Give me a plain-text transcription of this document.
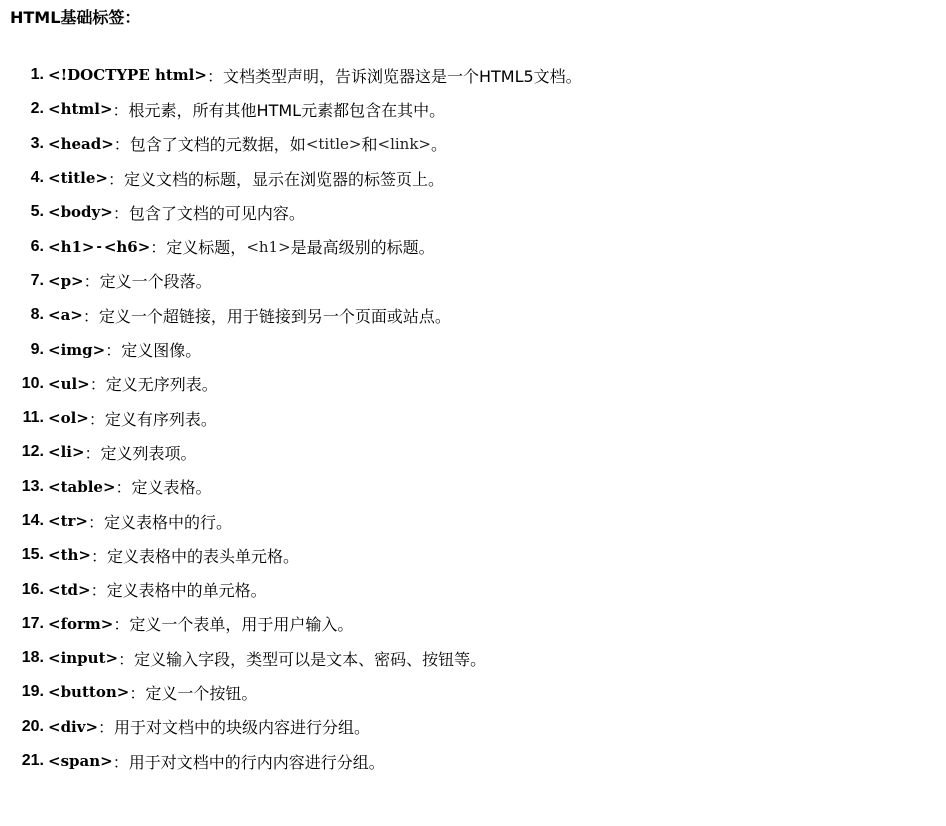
HTML基础标签：
1. <!DOCTYPE html> ：文档类型声明，告诉浏览器这是一个HTML5文档。
2. <html> ：根元素，所有其他HTML元素都包含在其中。
3. <head> ：包含了文档的元数据，如 <title> 和 <link> 。
4. <title> ：定义文档的标题，显示在浏览器的标签页上。
5. <body> ：包含了文档的可见内容。
6. <h1> - <h6> ：定义标题， <h1> 是最高级别的标题。
7. <p> ：定义一个段落。
8. <a> ：定义一个超链接，用于链接到另一个页面或站点。
9. <img> ：定义图像。
10. <ul> ：定义无序列表。
11. <ol> ：定义有序列表。
12. <li> ：定义列表项。
13. <table> ：定义表格。
14. <tr> ：定义表格中的行。
15. <th> ：定义表格中的表头单元格。
16. <td> ：定义表格中的单元格。
17. <form> ：定义一个表单，用于用户输入。
18. <input> ：定义输入字段，类型可以是文本、密码、按钮等。
19. <button> ：定义一个按钮。
20. <div> ：用于对文档中的块级内容进行分组。
21. <span> ：用于对文档中的行内内容进行分组。
